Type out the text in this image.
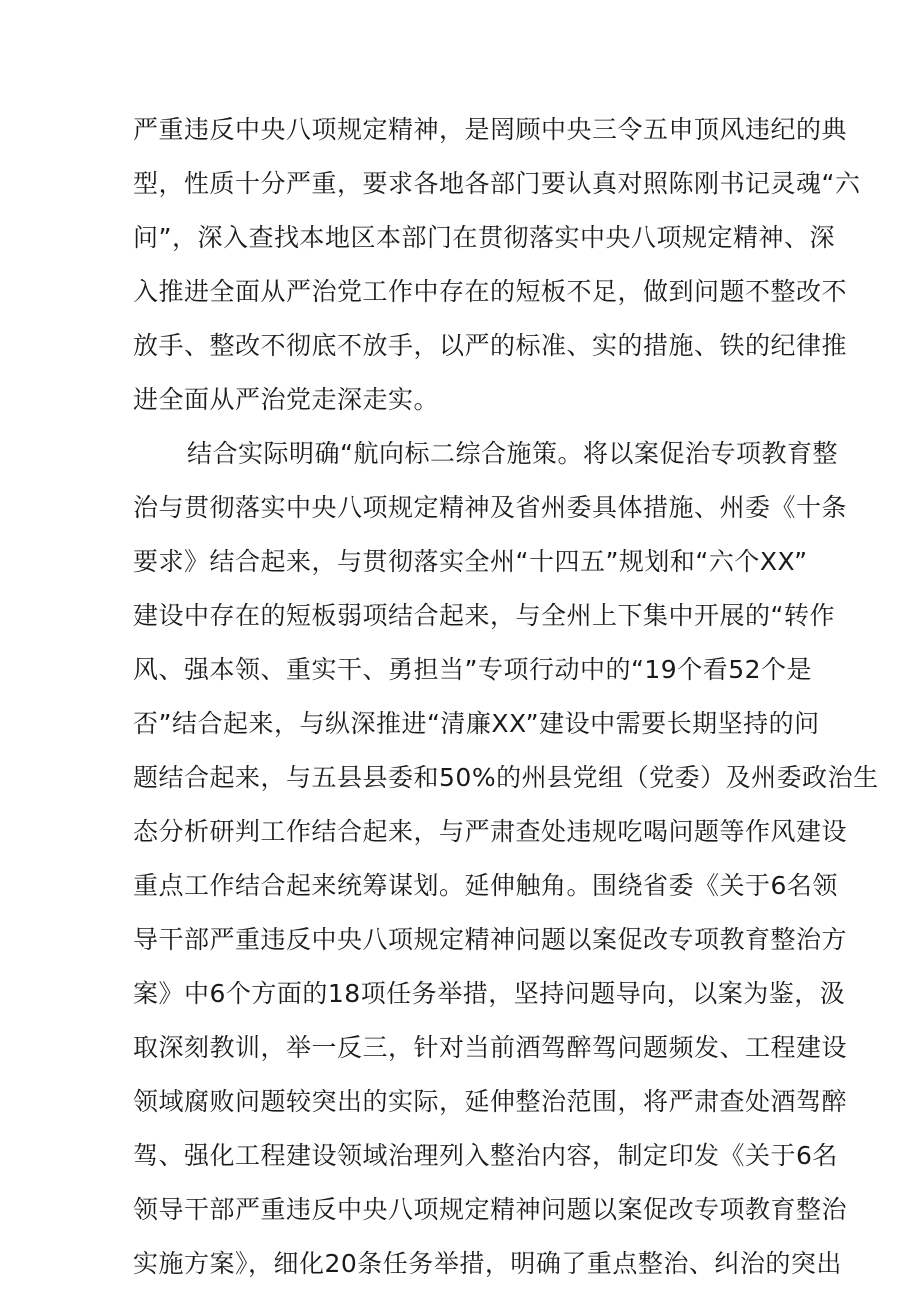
严重违反中央八项规定精神，是罔顾中央三令五申顶风违纪的典
型，性质十分严重，要求各地各部门要认真对照陈刚书记灵魂“六
问”，深入查找本地区本部门在贯彻落实中央八项规定精神、深
入推进全面从严治党工作中存在的短板不足，做到问题不整改不
放手、整改不彻底不放手，以严的标准、实的措施、铁的纪律推
进全面从严治党走深走实。
结合实际明确“航向标二综合施策。将以案促治专项教育整
治与贯彻落实中央八项规定精神及省州委具体措施、州委《十条
要求》结合起来，与贯彻落实全州“十四五”规划和“六个XX”
建设中存在的短板弱项结合起来，与全州上下集中开展的“转作
风、强本领、重实干、勇担当”专项行动中的“19个看52个是
否”结合起来，与纵深推进“清廉XX”建设中需要长期坚持的问
题结合起来，与五县县委和50%的州县党组（党委）及州委政治生
态分析研判工作结合起来，与严肃查处违规吃喝问题等作风建设
重点工作结合起来统筹谋划。延伸触角。围绕省委《关于6名领
导干部严重违反中央八项规定精神问题以案促改专项教育整治方
案》中6个方面的18项任务举措，坚持问题导向，以案为鉴，汲
取深刻教训，举一反三，针对当前酒驾醉驾问题频发、工程建设
领域腐败问题较突出的实际，延伸整治范围，将严肃查处酒驾醉
驾、强化工程建设领域治理列入整治内容，制定印发《关于6名
领导干部严重违反中央八项规定精神问题以案促改专项教育整治
实施方案》，细化20条任务举措，明确了重点整治、纠治的突出
